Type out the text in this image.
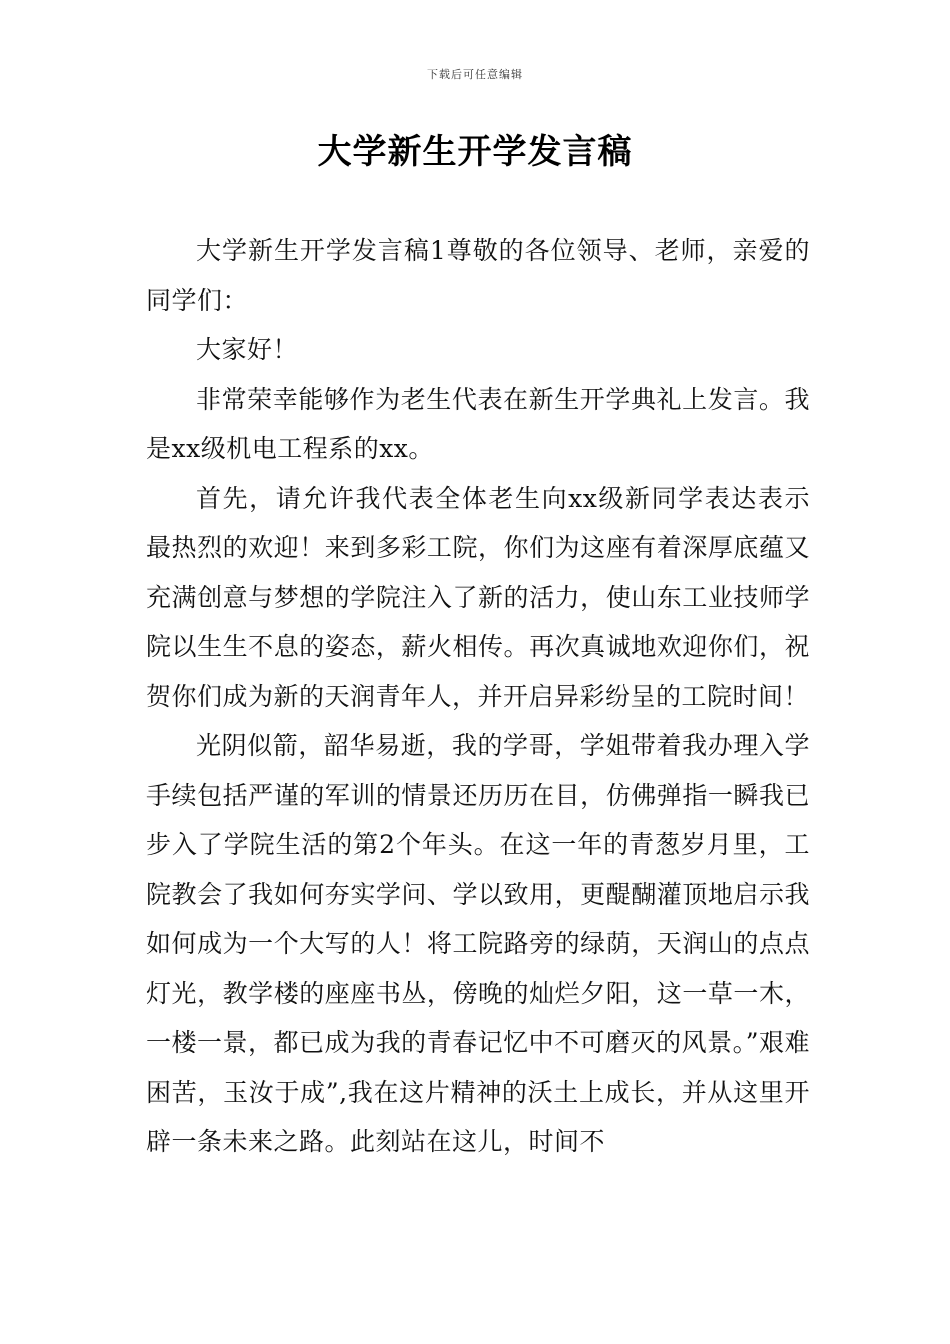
下载后可任意编辑
大学新生开学发言稿

大学新生开学发言稿1尊敬的各位领导、老师，亲爱的同学们：

大家好！

非常荣幸能够作为老生代表在新生开学典礼上发言。我是xx级机电工程系的xx。

首先，请允许我代表全体老生向xx级新同学表达表示最热烈的欢迎！来到多彩工院，你们为这座有着深厚底蕴又充满创意与梦想的学院注入了新的活力，使山东工业技师学院以生生不息的姿态，薪火相传。再次真诚地欢迎你们，祝贺你们成为新的天润青年人，并开启异彩纷呈的工院时间！

光阴似箭，韶华易逝，我的学哥，学姐带着我办理入学手续包括严谨的军训的情景还历历在目，仿佛弹指一瞬我已步入了学院生活的第2个年头。在这一年的青葱岁月里，工院教会了我如何夯实学问、学以致用，更醍醐灌顶地启示我如何成为一个大写的人！将工院路旁的绿荫，天润山的点点灯光，教学楼的座座书丛，傍晚的灿烂夕阳，这一草一木，一楼一景，都已成为我的青春记忆中不可磨灭的风景。”艰难困苦，玉汝于成”,我在这片精神的沃土上成长，并从这里开辟一条未来之路。此刻站在这儿，时间不
